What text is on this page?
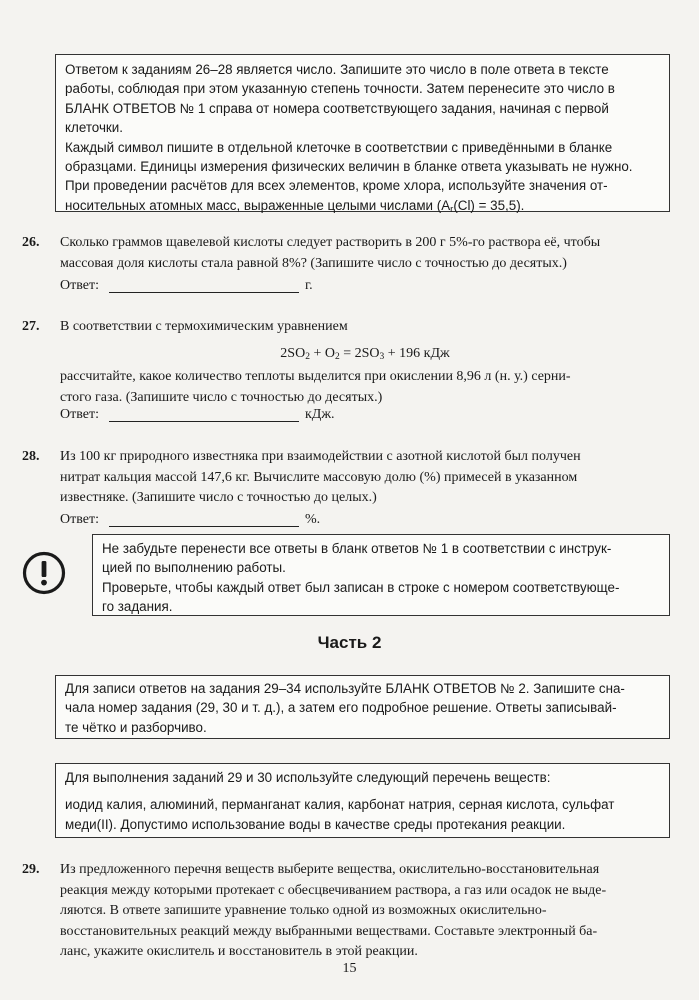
Ответом к заданиям 26–28 является число. Запишите это число в поле ответа в тексте

работы, соблюдая при этом указанную степень точности. Затем перенесите это число в

БЛАНК ОТВЕТОВ № 1 справа от номера соответствующего задания, начиная с первой

клеточки.

Каждый символ пишите в отдельной клеточке в соответствии с приведёнными в бланке

образцами. Единицы измерения физических величин в бланке ответа указывать не нужно.

При проведении расчётов для всех элементов, кроме хлора, используйте значения от-

носительных атомных масс, выраженные целыми числами $(A_r(Cl) = 35,5)$.

26. Сколько граммов щавелевой кислоты следует растворить в 200 г 5%-го раствора её, чтобы

массовая доля кислоты стала равной 8%? (Запишите число с точностью до десятых.)

Ответ:	г.
27. В соответствии с термохимическим уравнением

$2SO_2 + O_2 = 2SO_3 + 196$ кДж

рассчитайте, какое количество теплоты выделится при окислении 8,96 л (н. у.) серни-

стого газа. (Запишите число с точностью до десятых.)

Ответ:	кДж.
28. Из 100 кг природного известняка при взаимодействии с азотной кислотой был получен

нитрат кальция массой 147,6 кг. Вычислите массовую долю (%) примесей в указанном

известняке. (Запишите число с точностью до целых.)

Ответ:	%.

Не забудьте перенести все ответы в бланк ответов № 1 в соответствии с инструк-

цией по выполнению работы.

Проверьте, чтобы каждый ответ был записан в строке с номером соответствующе-

го задания.

Часть 2

Для записи ответов на задания 29–34 используйте БЛАНК ОТВЕТОВ № 2. Запишите сна-

чала номер задания (29, 30 и т. д.), а затем его подробное решение. Ответы записывай-

те чётко и разборчиво.

Для выполнения заданий 29 и 30 используйте следующий перечень веществ:

иодид калия, алюминий, перманганат калия, карбонат натрия, серная кислота, сульфат

меди(II). Допустимо использование воды в качестве среды протекания реакции.

29. Из предложенного перечня веществ выберите вещества, окислительно-восстановительная

реакция между которыми протекает с обесцвечиванием раствора, а газ или осадок не выде-

ляются. В ответе запишите уравнение только одной из возможных окислительно-

восстановительных реакций между выбранными веществами. Составьте электронный ба-

ланс, укажите окислитель и восстановитель в этой реакции.

15
